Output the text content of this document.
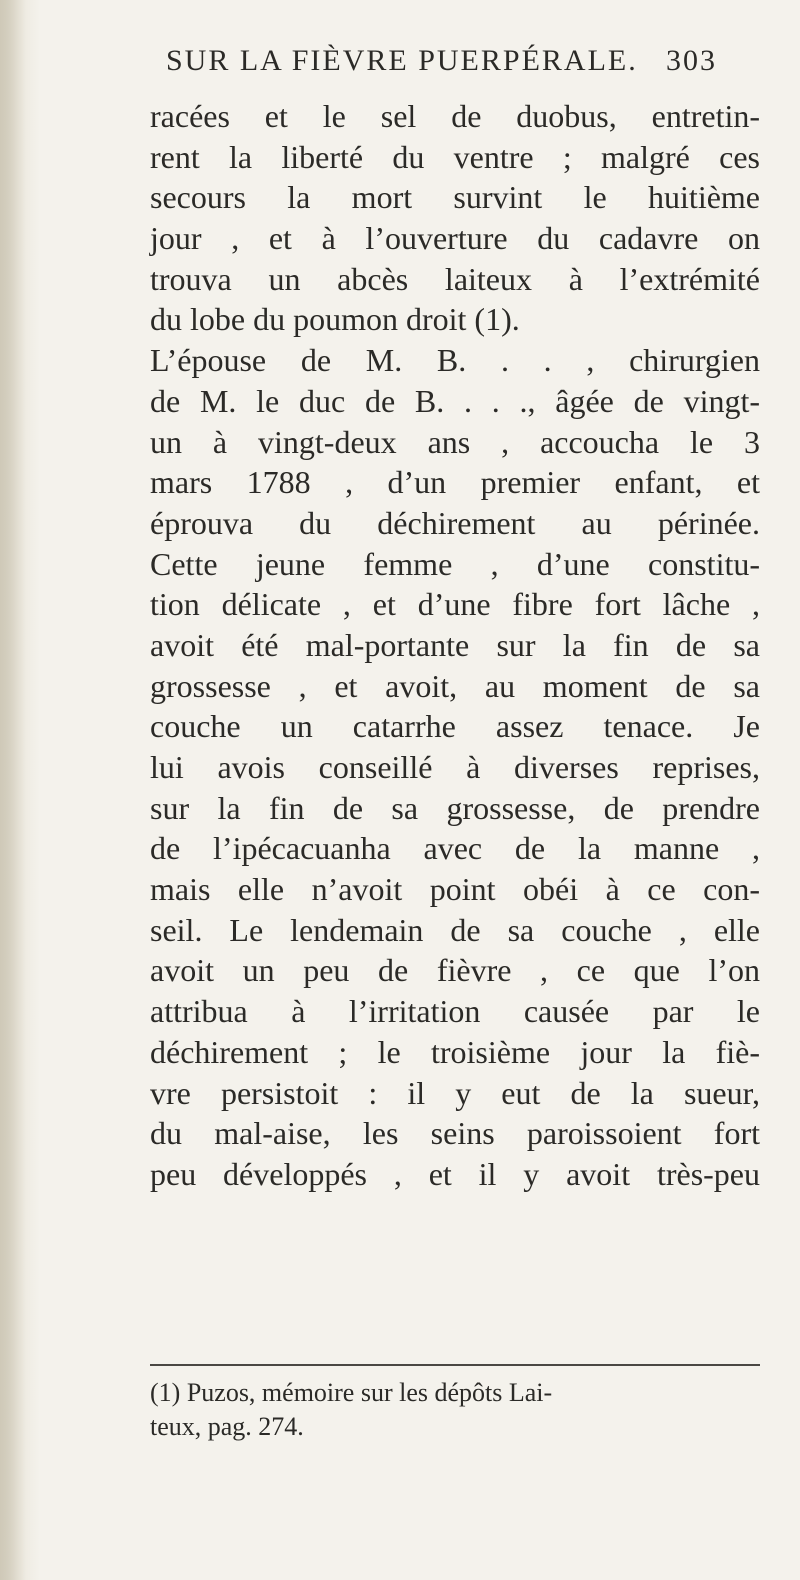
SUR LA FIÈVRE PUERPÉRALE. 303
racées et le sel de duobus, entretin-
rent la liberté du ventre ; malgré ces
secours la mort survint le huitième
jour , et à l’ouverture du cadavre on
trouva un abcès laiteux à l’extrémité
du lobe du poumon droit (1).
L’épouse de M. B. . . , chirurgien
de M. le duc de B. . . ., âgée de vingt-
un à vingt-deux ans , accoucha le 3
mars 1788 , d’un premier enfant, et
éprouva du déchirement au périnée.
Cette jeune femme , d’une constitu-
tion délicate , et d’une fibre fort lâche ,
avoit été mal-portante sur la fin de sa
grossesse , et avoit, au moment de sa
couche un catarrhe assez tenace. Je
lui avois conseillé à diverses reprises,
sur la fin de sa grossesse, de prendre
de l’ipécacuanha avec de la manne ,
mais elle n’avoit point obéi à ce con-
seil. Le lendemain de sa couche , elle
avoit un peu de fièvre , ce que l’on
attribua à l’irritation causée par le
déchirement ; le troisième jour la fiè-
vre persistoit : il y eut de la sueur,
du mal-aise, les seins paroissoient fort
peu développés , et il y avoit très-peu
(1) Puzos, mémoire sur les dépôts Lai-
teux, pag. 274.
